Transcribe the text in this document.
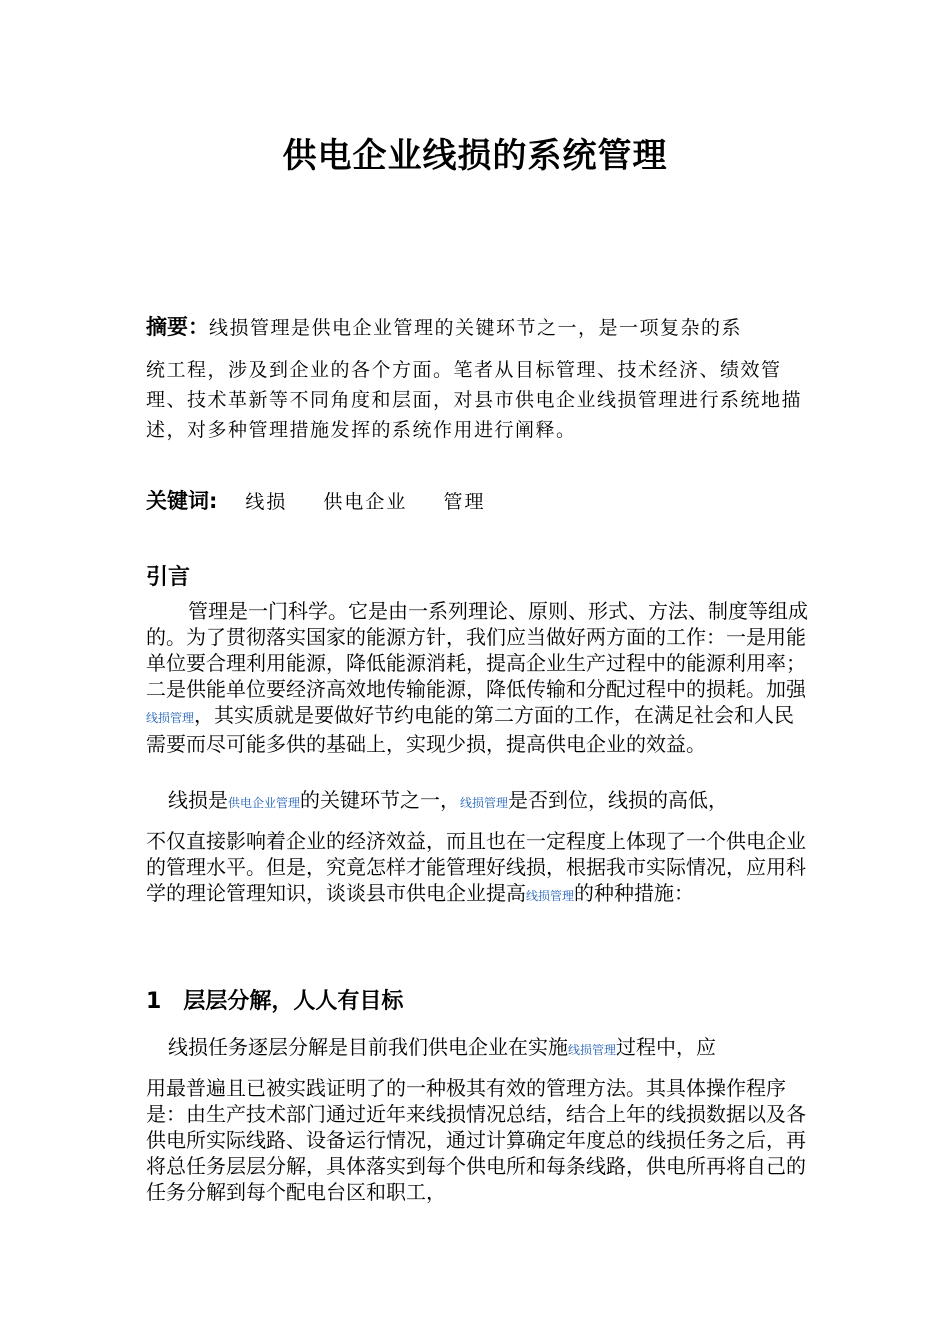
供电企业线损的系统管理
摘要：线损管理是供电企业管理的关键环节之一，是一项复杂的系
统工程，涉及到企业的各个方面。笔者从目标管理、技术经济、绩效管理、技术革新等不同角度和层面，对县市供电企业线损管理进行系统地描述，对多种管理措施发挥的系统作用进行阐释。
关键词: 线损 供电企业 管理
引言
管理是一门科学。它是由一系列理论、原则、形式、方法、制度等组成的。为了贯彻落实国家的能源方针，我们应当做好两方面的工作：一是用能单位要合理利用能源，降低能源消耗，提高企业生产过程中的能源利用率；二是供能单位要经济高效地传输能源，降低传输和分配过程中的损耗。加强线损管理，其实质就是要做好节约电能的第二方面的工作，在满足社会和人民需要而尽可能多供的基础上，实现少损，提高供电企业的效益。
线损是供电企业管理的关键环节之一，线损管理是否到位，线损的高低，
不仅直接影响着企业的经济效益，而且也在一定程度上体现了一个供电企业的管理水平。但是，究竟怎样才能管理好线损，根据我市实际情况，应用科学的理论管理知识，谈谈县市供电企业提高线损管理的种种措施：
1 层层分解，人人有目标
线损任务逐层分解是目前我们供电企业在实施线损管理过程中，应
用最普遍且已被实践证明了的一种极其有效的管理方法。其具体操作程序是：由生产技术部门通过近年来线损情况总结，结合上年的线损数据以及各供电所实际线路、设备运行情况，通过计算确定年度总的线损任务之后，再将总任务层层分解，具体落实到每个供电所和每条线路，供电所再将自己的任务分解到每个配电台区和职工，
